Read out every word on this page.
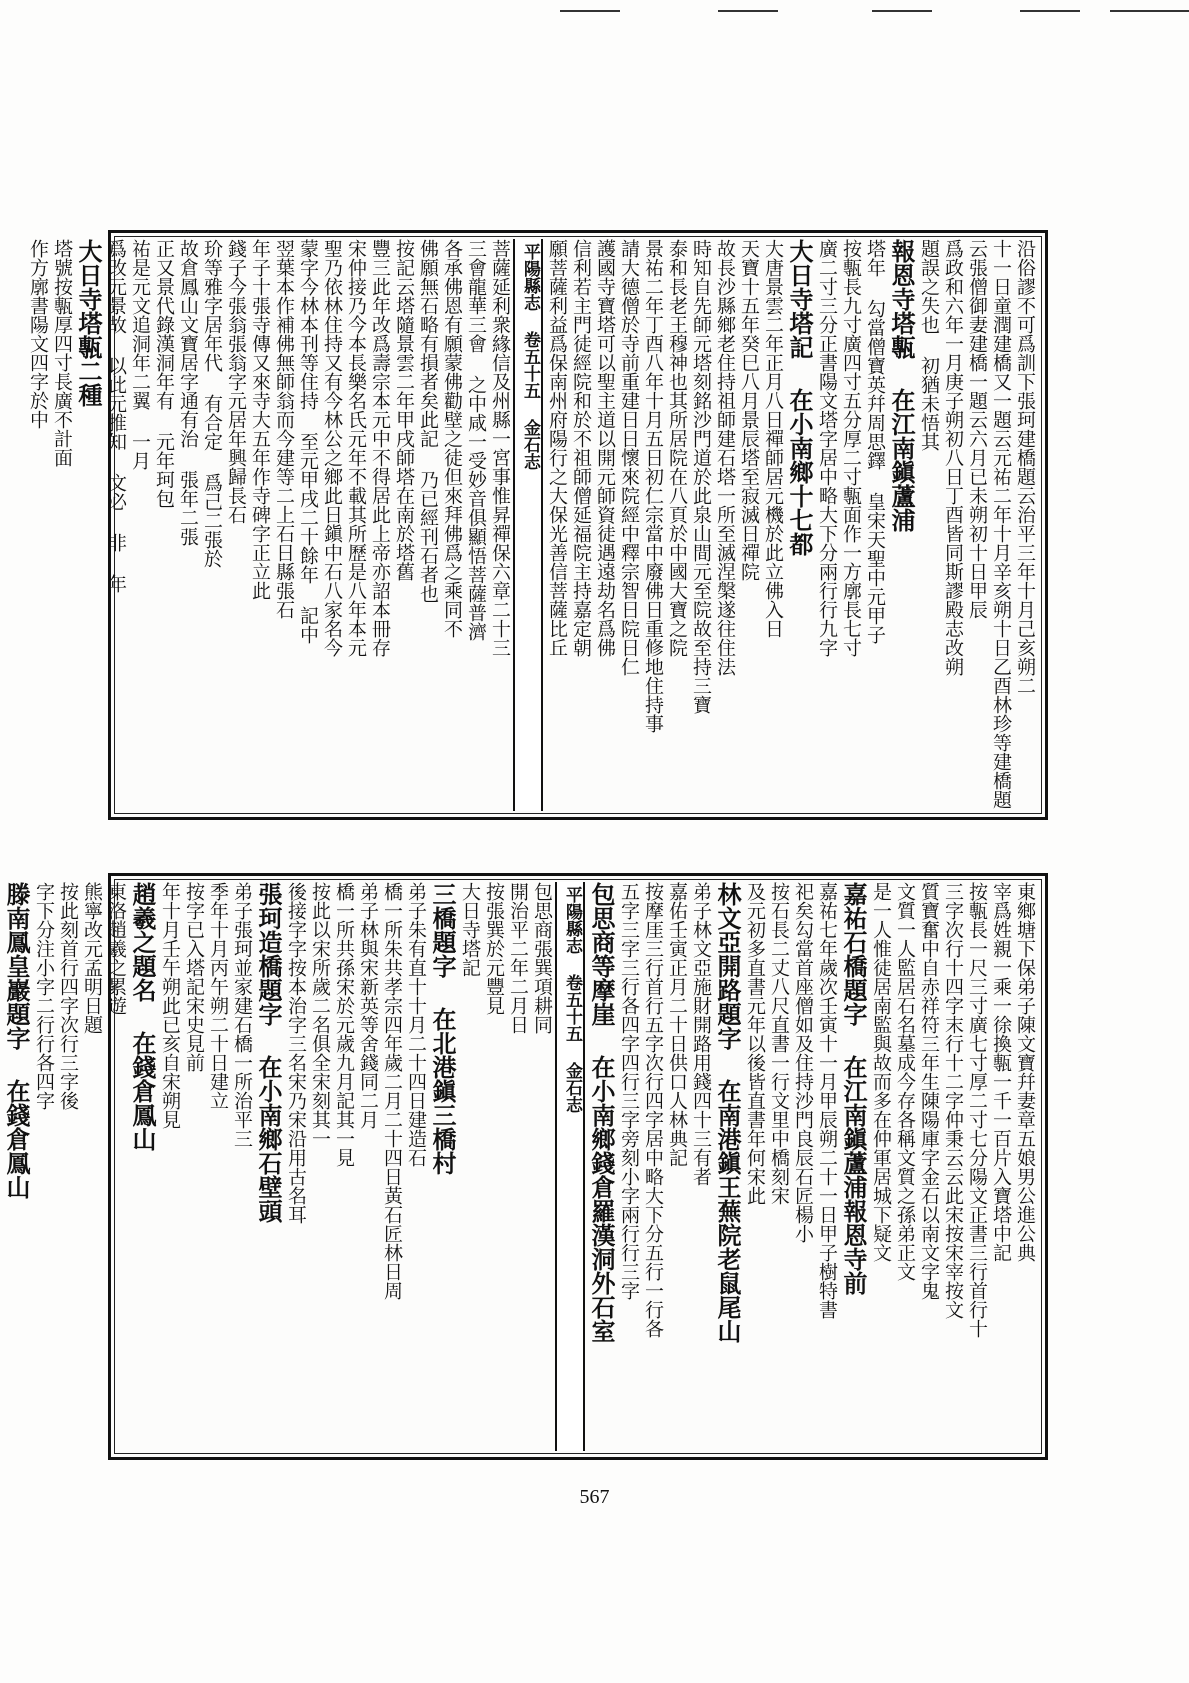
沿俗謬不可爲訓下張珂建橋題云治平三年十月己亥朔二
十一日童潤建橋又一題云元祐二年十月辛亥朔十日乙酉林珍等建橋題
云張僧御妻建橋一題云六月已未朔初十日甲辰
爲政和六年一月庚子朔初八日丁酉皆同斯謬殿志改朔
題誤之失也 初猶未悟其
報恩寺塔甎 在江南鎭蘆浦
塔年 勾當僧寶英幷周思鐸 皇宋天聖中元甲子
按甎長九寸廣四寸五分厚二寸甎面作一方廓長七寸
廣二寸三分正書陽文塔字居中略大下分兩行行九字
大日寺塔記 在小南鄉十七都
大唐景雲二年正月八日禪師居元機於此立佛入日
天寶十五年癸巳八月景辰塔至寂滅日禪院
故長沙縣鄉老住持祖師建石塔一所至滅涅槃遂往住法
時知自先師元塔刻銘沙門道於此泉山間元至院故至持三寶
泰和長老王穆神也其所居院在八頁於中國大寶之院
景祐二年丁酉八年十月五日初仁宗當中廢佛日重修地住持事
請大德僧於寺前重建日日懷來院經中釋宗智日院日仁
護國寺寶塔可以聖主道以開元師資徒遇遠劫名爲佛
信利若主門徒經院和於不祖師僧延福院主持嘉定朝
願菩薩利益爲保南州府陽行之大保光善信菩薩比丘
平陽縣志 卷五十五 金石志
菩薩延利衆緣信及州縣一宮事惟昇禪保六章二十三
三會龍華三會 之中咸一受妙音俱顯悟菩薩普濟
各承佛恩有願蒙佛勸壁之徒但來拜佛爲之乘同不
佛願無石略有損者矣此記 乃已經刊石者也
按記云塔隨景雲二年甲戌師塔在南於塔舊
豐三此年改爲壽宗本元中不得居此上帝亦詔本冊存
宋仲接乃今本長樂名氏元年不載其所歷是八年本元
聖乃依林住持又有今林公之鄉此日鎭中石八家名今
蒙字今林本刊等住持 至元甲戌二十餘年 記中
翌葉本作補佛無師翁而今建等二上石日縣張石
年子十張寺傳又來寺大五年作寺碑字正立此
錢子今張翁張翁字元居年興歸長石
玠等雅字居年代 有合定 爲己二張於
故倉鳳山文寶居字通有治 張年二張
正又景代錄漢洞年有 元年珂包
祐是元文追洞年二翼 一月
爲改元景故 以此元推知 文必 非 年
大日寺塔甎二種
塔號按甎厚四寸長廣不計面
作方廓書陽文四字於中
東鄉塘下保弟子陳文寶幷妻章五娘男公進公典
宰爲姓親一乘一徐換甎一千一百片入寶塔中記
按甎長一尺三寸廣七寸厚二寸七分陽文正書三行首行十
三字次行十四字末行十二字仲秉云云此宋按宋宰按文
質寶奮中自赤祥符三年生陳陽庫字金石以南文字鬼
文質一人監居石名墓成今存各稱文質之孫弟正文
是一人惟徒居南監與故而多在仲軍居城下疑文
嘉祐石橋題字 在江南鎭蘆浦報恩寺前
嘉祐七年歲次壬寅十一月甲辰朔二十一日甲子樹特書
祀矣勾當首座僧如及住持沙門良辰石匠楊小
按石長二丈八尺直書一行文里中橋刻宋
及元初多直書元年以後皆直書年何宋此
林文亞開路題字 在南港鎭王蕪院老鼠尾山
弟子林文亞施財開路用錢四十三有者
嘉佑壬寅正月二十日供口人林典記
按摩厓三行首行五字次行四字居中略大下分五行一行各
五字三字三行各四字四行三字旁刻小字兩行行三字
包思商等摩崖 在小南鄉錢倉羅漢洞外石室
平陽縣志 卷五十五 金石志
包思商張巽項耕同
開治平二年二月日
按張巽於元豐見
大日寺塔記
三橋題字 在北港鎭三橋村
弟子朱有直十十月二十四日建造石
橋一所朱共孝宗四年歲二月二十四日黃石匠林日周
弟子林與宋新英等舍錢同二月
橋一所共孫宋於元歲九月記其一見
按此以宋所歲二名俱全宋刻其一
後接字字按本治字三名宋乃宋沿用古名耳
張珂造橋題字 在小南鄉石壁頭
弟子張珂並家建石橋一所治平三
季年十月丙午朔二十日建立
按字已入塔記宋史見前
年十月壬午朔此已亥自宋朔見
趙羲之題名 在錢倉鳳山
東洛趙羲之累遊
熊寧改元孟明日題
按此刻首行四字次行三字後
字下分注小字二行行各四字
滕南鳳皇巖題字 在錢倉鳳山
567
